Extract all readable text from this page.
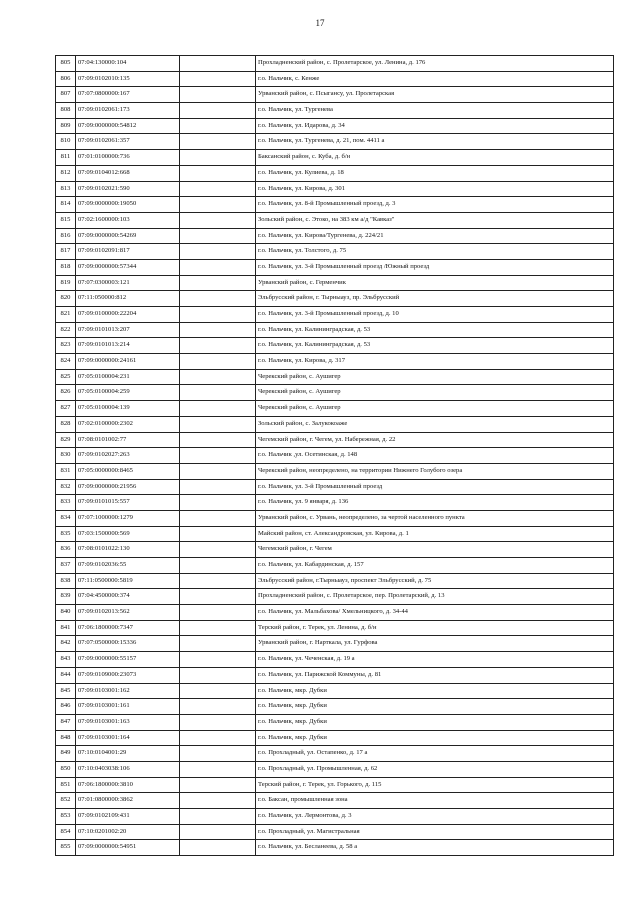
17
805	07:04:130000:104		Прохладненский район, с. Пролетарское, ул. Ленина, д. 176
806	07:09:0102010:135		г.о. Нальчик, с. Кенже
807	07:07:0800000:167		Урванский район, с. Псыгансу, ул. Пролетарская
808	07:09:0102061:173		г.о. Нальчик, ул. Тургенева
809	07:09:0000000:54812		г.о. Нальчик, ул. Идарова, д. 34
810	07:09:0102061:357		г.о. Нальчик, ул. Тургенева, д. 21, пом. 4411 а
811	07:01:0100000:736		Баксанский район, с. Куба, д. б/н
812	07:09:0104012:668		г.о. Нальчик, ул. Кулиева, д. 18
813	07:09:0102021:590		г.о. Нальчик, ул. Кирова, д. 301
814	07:09:0000000:19050		г.о. Нальчик, ул. 8-й Промышленный проезд, д. 3
815	07:02:1600000:103		Зольский район, с. Этоко, на 383 км а/д "Кавказ"
816	07:09:0000000:54269		г.о. Нальчик, ул. Кирова/Тургенева, д. 224/21
817	07:09:0102091:817		г.о. Нальчик, ул. Толстого, д. 75
818	07:09:0000000:57344		г.о. Нальчик, ул. 3-й Промышленный проезд /Южный проезд
819	07:07:0300003:121		Урванский район, с. Герменчик
820	07:11:050000:812		Эльбрусский район, г. Тырныауз, пр. Эльбрусский
821	07:09:0100000:22204		г.о. Нальчик, ул. 3-й Промышленный проезд, д. 10
822	07:09:0101013:207		г.о. Нальчик, ул. Калининградская, д. 53
823	07:09:0101013:214		г.о. Нальчик, ул. Калининградская, д. 53
824	07:09:0000000:24161		г.о. Нальчик, ул. Кирова, д. 317
825	07:05:0100004:231		Черекский район, с. Аушигер
826	07:05:0100004:259		Черекский район, с. Аушигер
827	07:05:0100004:139		Черекский район, с. Аушигер
828	07:02:0100000:2302		Зольский район, с. Залукокоаже
829	07:08:0101002:77		Чегемский район, г. Чегем, ул. Набережная, д. 22
830	07:09:0102027:263		г.о. Нальчик ,ул. Осетинская, д. 148
831	07:05:0000000:8465		Черекский район, неопределено, на территории Нижнего Голубого озера
832	07:09:0000000:21956		г.о. Нальчик, ул. 3-й Промышленный проезд
833	07:09:0101015:557		г.о. Нальчик, ул. 9 января, д. 136
834	07:07:1000000:1279		Урванский район, с. Урвань, неопределено, за чертой населенного пункта
835	07:03:1500000:569		Майский район, ст. Александровская, ул. Кирова, д. 1
836	07:08:0101022:130		Чегемский район, г. Чегем
837	07:09:0102036:55		г.о. Нальчик, ул. Кабардинская, д. 157
838	07:11:0500000:5819		Эльбрусский район, г.Тырныауз, проспект Эльбрусский, д. 75
839	07:04:4500000:374		Прохладненский район, с. Пролетарское, пер. Пролетарский, д. 13
840	07:09:0102013:562		г.о. Нальчик, ул. Мальбахова/ Хмельницкого, д. 34-44
841	07:06:1800000:7347		Терский район, г. Терек, ул. Ленина, д. б/н
842	07:07:0500000:15336		Урванский район, г. Нарткала, ул. Гурфова
843	07:09:0000000:55157		г.о. Нальчик, ул. Чеченская, д. 19 а
844	07:09:0109000:23073		г.о. Нальчик, ул. Парижской Коммуны, д. 81
845	07:09:0103001:162		г.о. Нальчик, мкр. Дубки
846	07:09:0103001:161		г.о. Нальчик, мкр. Дубки
847	07:09:0103001:163		г.о. Нальчик, мкр. Дубки
848	07:09:0103001:164		г.о. Нальчик, мкр. Дубки
849	07:10:0104001:29		г.о. Прохладный, ул. Остапенко, д. 17 а
850	07:10:0403038:106		г.о. Прохладный, ул. Промышленная, д. 62
851	07:06:1800000:3810		Терский район, г. Терек, ул. Горького, д. 115
852	07:01:0800000:3862		г.о. Баксан, промышленная зона
853	07:09:0102109:431		г.о. Нальчик, ул. Лермонтова, д. 3
854	07:10:0201002:20		г.о. Прохладный, ул. Магистральная
855	07:09:0000000:54951		г.о. Нальчик, ул. Бесланеева, д. 58 а
